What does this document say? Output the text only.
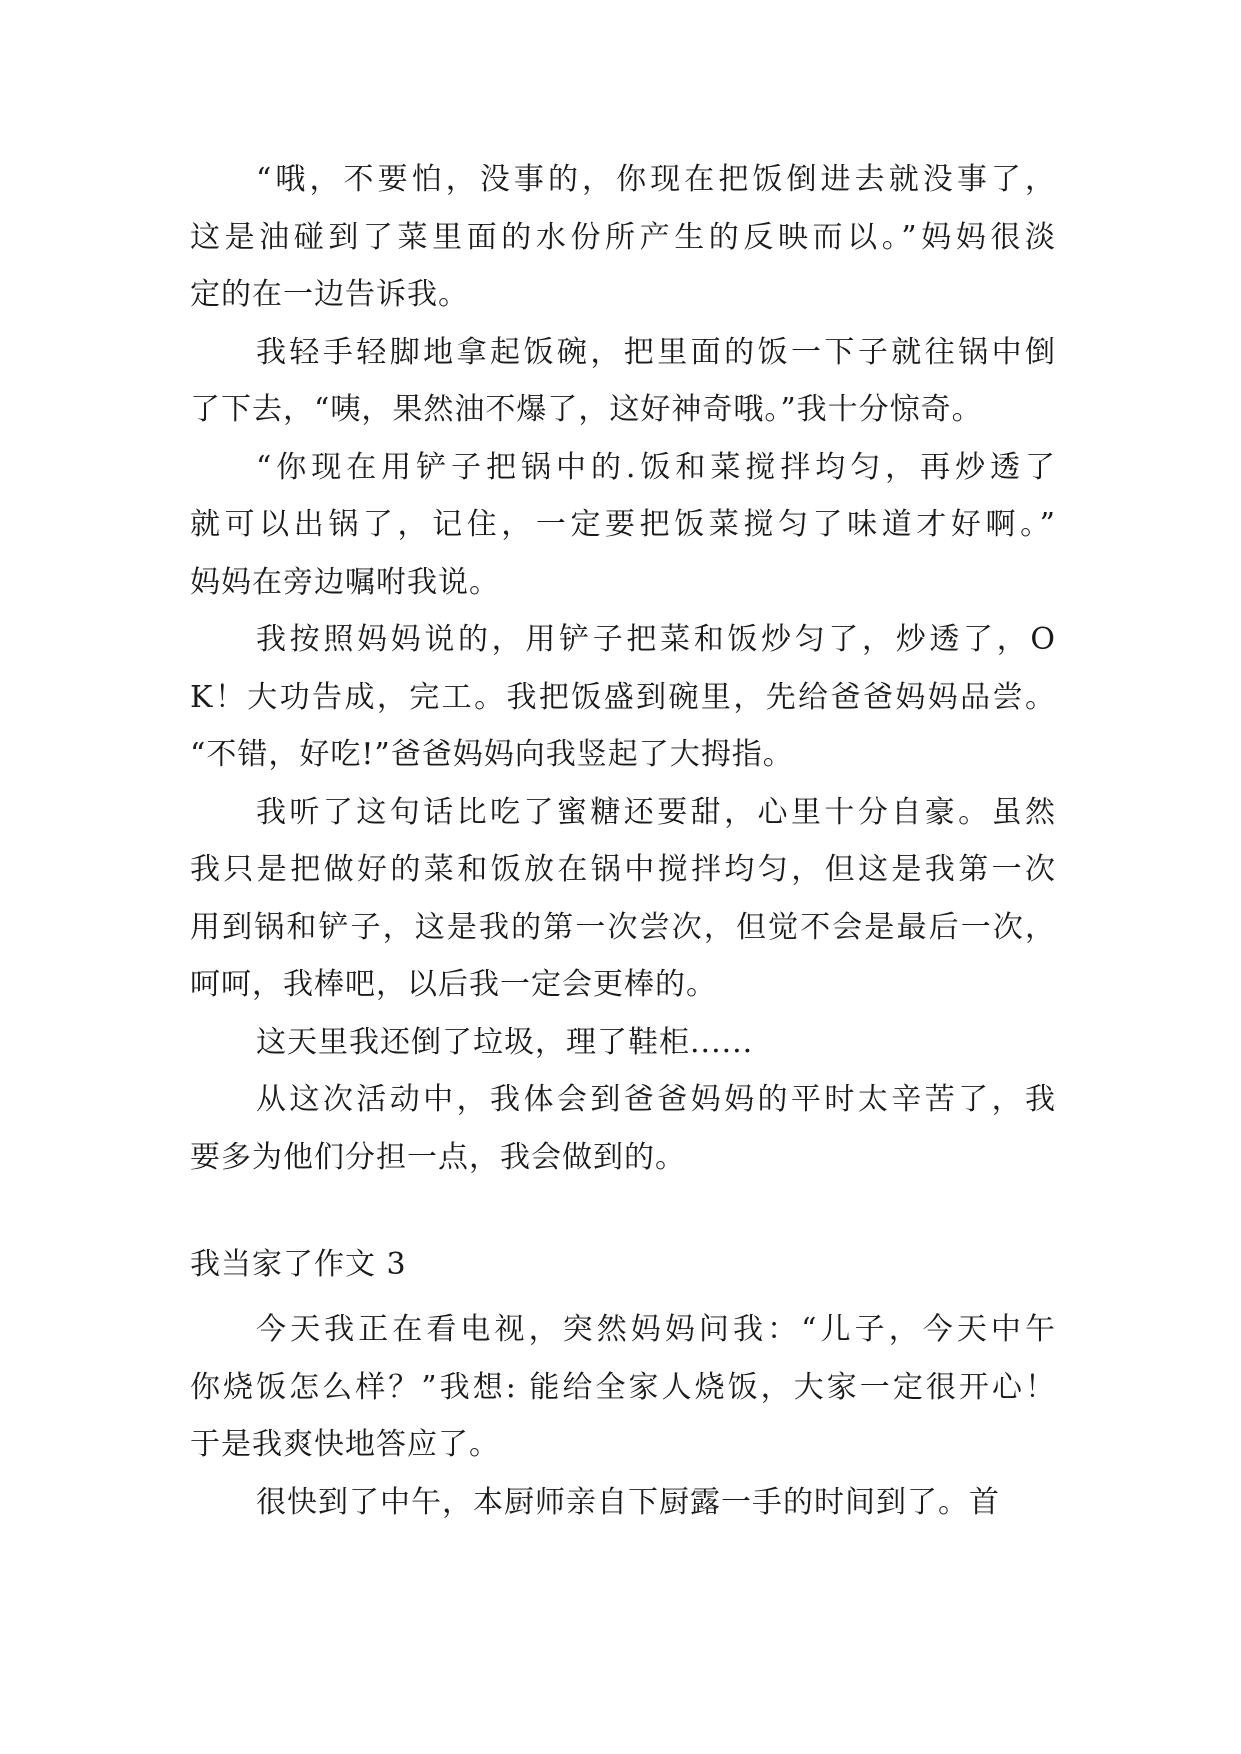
“哦，不要怕，没事的，你现在把饭倒进去就没事了，
这是油碰到了菜里面的水份所产生的反映而以。”妈妈很淡
定的在一边告诉我。
我轻手轻脚地拿起饭碗，把里面的饭一下子就往锅中倒
了下去，“咦，果然油不爆了，这好神奇哦。”我十分惊奇。
“你现在用铲子把锅中的.饭和菜搅拌均匀，再炒透了
就可以出锅了，记住，一定要把饭菜搅匀了味道才好啊。”
妈妈在旁边嘱咐我说。
我按照妈妈说的，用铲子把菜和饭炒匀了，炒透了，O
K！大功告成，完工。我把饭盛到碗里，先给爸爸妈妈品尝。
“不错，好吃!”爸爸妈妈向我竖起了大拇指。
我听了这句话比吃了蜜糖还要甜，心里十分自豪。虽然
我只是把做好的菜和饭放在锅中搅拌均匀，但这是我第一次
用到锅和铲子，这是我的第一次尝次，但觉不会是最后一次，
呵呵，我棒吧，以后我一定会更棒的。
这天里我还倒了垃圾，理了鞋柜......
从这次活动中，我体会到爸爸妈妈的平时太辛苦了，我
要多为他们分担一点，我会做到的。
我当家了作文 3
今天我正在看电视，突然妈妈问我：“儿子，今天中午
你烧饭怎么样？”我想: 能给全家人烧饭，大家一定很开心！
于是我爽快地答应了。
很快到了中午，本厨师亲自下厨露一手的时间到了。首
